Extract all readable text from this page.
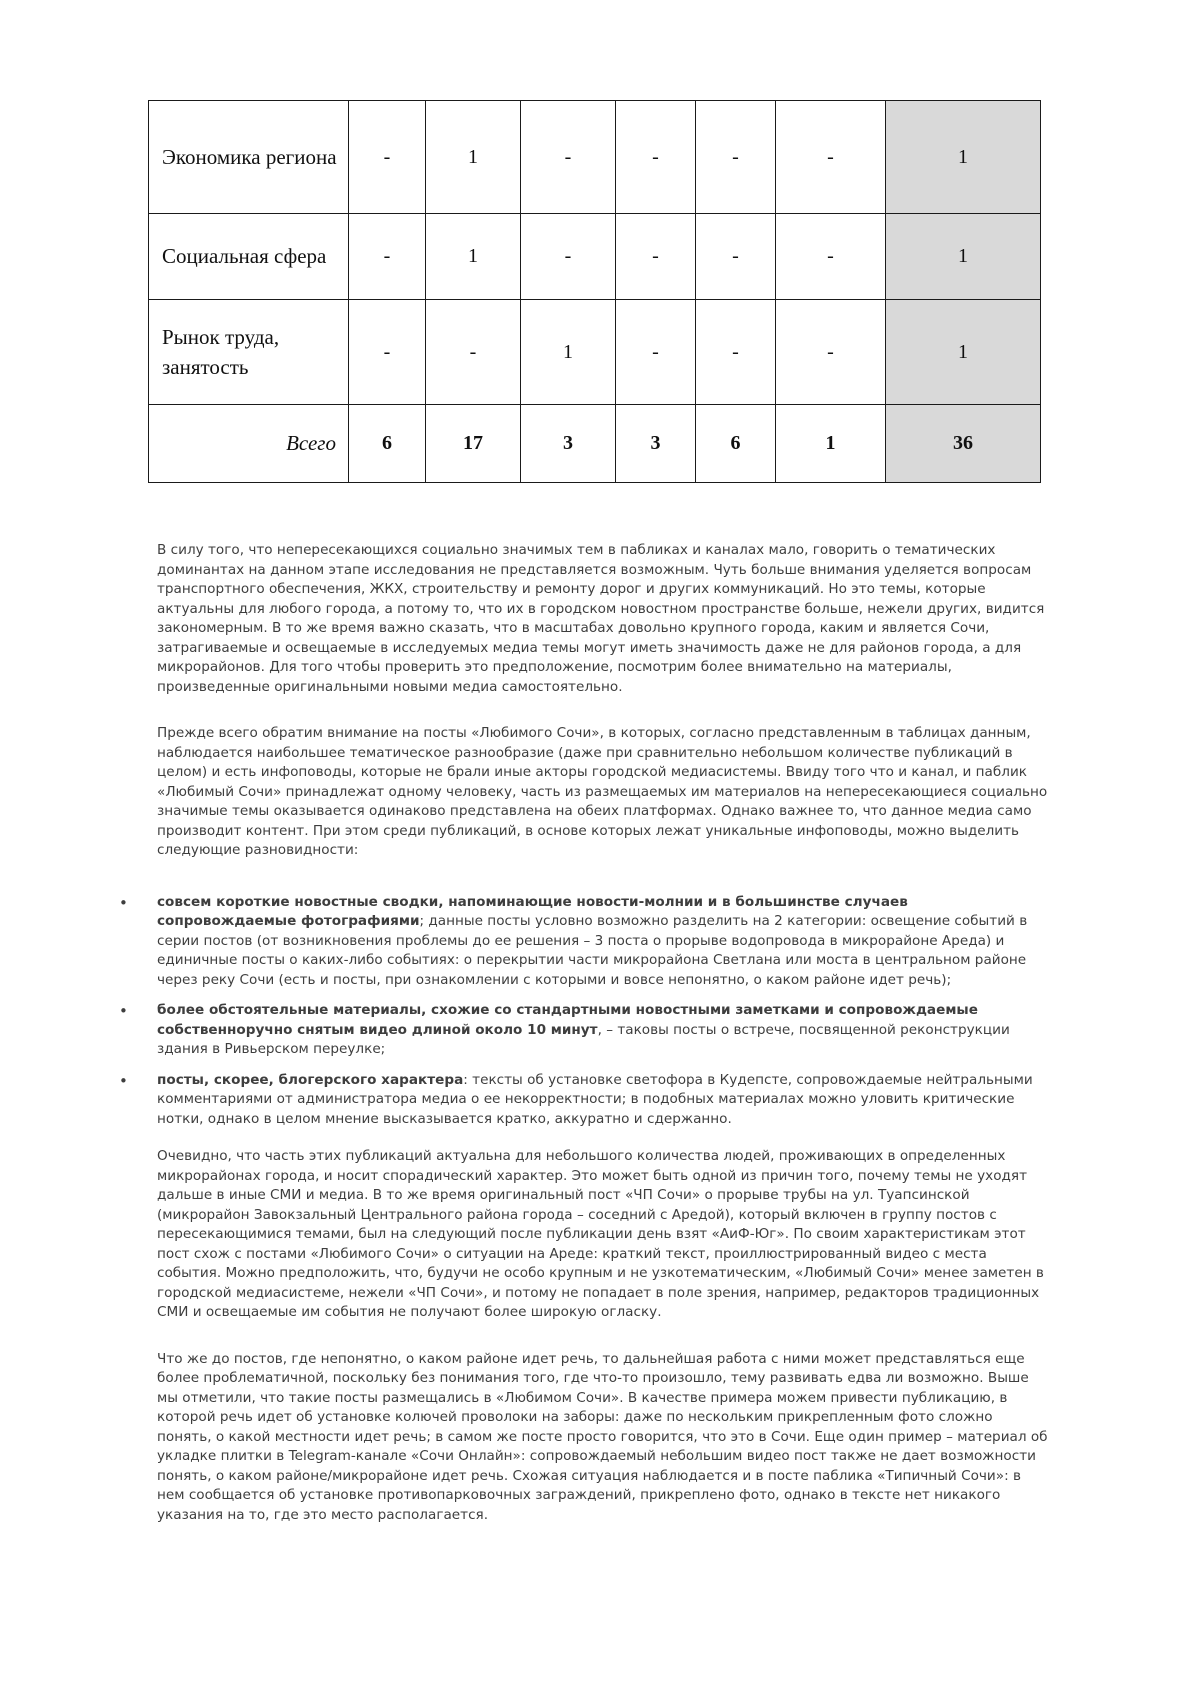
Экономика региона	-	1	-	-	-	-	1
Социальная сфера	-	1	-	-	-	-	1
Рынок труда, занятость	-	-	1	-	-	-	1
Всего	6	17	3	3	6	1	36

В силу того, что непересекающихся социально значимых тем в пабликах и каналах мало, говорить о тематических доминантах на данном этапе исследования не представляется возможным. Чуть больше внимания уделяется вопросам транспортного обеспечения, ЖКХ, строительству и ремонту дорог и других коммуникаций. Но это темы, которые актуальны для любого города, а потому то, что их в городском новостном пространстве больше, нежели других, видится закономерным. В то же время важно сказать, что в масштабах довольно крупного города, каким и является Сочи, затрагиваемые и освещаемые в исследуемых медиа темы могут иметь значимость даже не для районов города, а для микрорайонов. Для того чтобы проверить это предположение, посмотрим более внимательно на материалы, произведенные оригинальными новыми медиа самостоятельно.

Прежде всего обратим внимание на посты «Любимого Сочи», в которых, согласно представленным в таблицах данным, наблюдается наибольшее тематическое разнообразие (даже при сравнительно небольшом количестве публикаций в целом) и есть инфоповоды, которые не брали иные акторы городской медиасистемы. Ввиду того что и канал, и паблик «Любимый Сочи» принадлежат одному человеку, часть из размещаемых им материалов на непересекающиеся социально значимые темы оказывается одинаково представлена на обеих платформах. Однако важнее то, что данное медиа само производит контент. При этом среди публикаций, в основе которых лежат уникальные инфоповоды, можно выделить следующие разновидности:

• совсем короткие новостные сводки, напоминающие новости-молнии и в большинстве случаев сопровождаемые фотографиями; данные посты условно возможно разделить на 2 категории: освещение событий в серии постов (от возникновения проблемы до ее решения – 3 поста о прорыве водопровода в микрорайоне Ареда) и единичные посты о каких-либо событиях: о перекрытии части микрорайона Светлана или моста в центральном районе через реку Сочи (есть и посты, при ознакомлении с которыми и вовсе непонятно, о каком районе идет речь);
• более обстоятельные материалы, схожие со стандартными новостными заметками и сопровождаемые собственноручно снятым видео длиной около 10 минут, – таковы посты о встрече, посвященной реконструкции здания в Ривьерском переулке;
• посты, скорее, блогерского характера: тексты об установке светофора в Кудепсте, сопровождаемые нейтральными комментариями от администратора медиа о ее некорректности; в подобных материалах можно уловить критические нотки, однако в целом мнение высказывается кратко, аккуратно и сдержанно.

Очевидно, что часть этих публикаций актуальна для небольшого количества людей, проживающих в определенных микрорайонах города, и носит спорадический характер. Это может быть одной из причин того, почему темы не уходят дальше в иные СМИ и медиа. В то же время оригинальный пост «ЧП Сочи» о прорыве трубы на ул. Туапсинской (микрорайон Завокзальный Центрального района города – соседний с Аредой), который включен в группу постов с пересекающимися темами, был на следующий после публикации день взят «АиФ-Юг». По своим характеристикам этот пост схож с постами «Любимого Сочи» о ситуации на Ареде: краткий текст, проиллюстрированный видео с места события. Можно предположить, что, будучи не особо крупным и не узкотематическим, «Любимый Сочи» менее заметен в городской медиасистеме, нежели «ЧП Сочи», и потому не попадает в поле зрения, например, редакторов традиционных СМИ и освещаемые им события не получают более широкую огласку.

Что же до постов, где непонятно, о каком районе идет речь, то дальнейшая работа с ними может представляться еще более проблематичной, поскольку без понимания того, где что-то произошло, тему развивать едва ли возможно. Выше мы отметили, что такие посты размещались в «Любимом Сочи». В качестве примера можем привести публикацию, в которой речь идет об установке колючей проволоки на заборы: даже по нескольким прикрепленным фото сложно понять, о какой местности идет речь; в самом же посте просто говорится, что это в Сочи. Еще один пример – материал об укладке плитки в Telegram-канале «Сочи Онлайн»: сопровождаемый небольшим видео пост также не дает возможности понять, о каком районе/микрорайоне идет речь. Схожая ситуация наблюдается и в посте паблика «Типичный Сочи»: в нем сообщается об установке противопарковочных заграждений, прикреплено фото, однако в тексте нет никакого указания на то, где это место располагается.
